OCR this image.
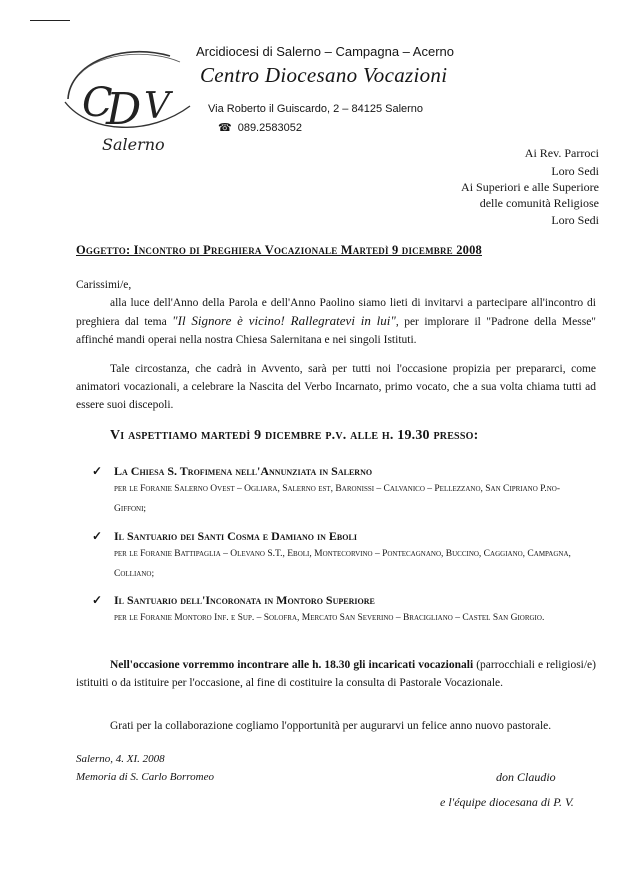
C
D V
Salerno
Arcidiocesi di Salerno – Campagna – Acerno
Centro Diocesano Vocazioni
Via Roberto il Guiscardo, 2 – 84125 Salerno
☎ 089.2583052
Ai Rev. Parroci
Loro Sedi
Ai Superiori e alle Superiore
delle comunità Religiose
Loro Sedi
Oggetto: Incontro di Preghiera Vocazionale Martedì 9 dicembre 2008
Carissimi/e,
alla luce dell'Anno della Parola e dell'Anno Paolino siamo lieti di invitarvi a partecipare all'incontro di preghiera dal tema "Il Signore è vicino! Rallegratevi in lui", per implorare il "Padrone della Messe" affinché mandi operai nella nostra Chiesa Salernitana e nei singoli Istituti.
Tale circostanza, che cadrà in Avvento, sarà per tutti noi l'occasione propizia per prepararci, come animatori vocazionali, a celebrare la Nascita del Verbo Incarnato, primo vocato, che a sua volta chiama tutti ad essere suoi discepoli.
Vi aspettiamo martedì 9 dicembre p.v. alle h. 19.30 presso:
✓ La Chiesa S. Trofimena nell'Annunziata in Salerno
per le Foranie Salerno Ovest – Ogliara, Salerno est, Baronissi – Calvanico – Pellezzano, San Cipriano P.no- Giffoni;
✓ Il Santuario dei Santi Cosma e Damiano in Eboli
per le Foranie Battipaglia – Olevano S.T., Eboli, Montecorvino – Pontecagnano, Buccino, Caggiano, Campagna, Colliano;
✓ Il Santuario dell'Incoronata in Montoro Superiore
per le Foranie Montoro Inf. e Sup. – Solofra, Mercato San Severino – Bracigliano – Castel San Giorgio.
Nell'occasione vorremmo incontrare alle h. 18.30 gli incaricati vocazionali (parrocchiali e religiosi/e) istituiti o da istituire per l'occasione, al fine di costituire la consulta di Pastorale Vocazionale.
Grati per la collaborazione cogliamo l'opportunità per augurarvi un felice anno nuovo pastorale.
Salerno, 4. XI. 2008
Memoria di S. Carlo Borromeo	don Claudio
e l'équipe diocesana di P. V.
